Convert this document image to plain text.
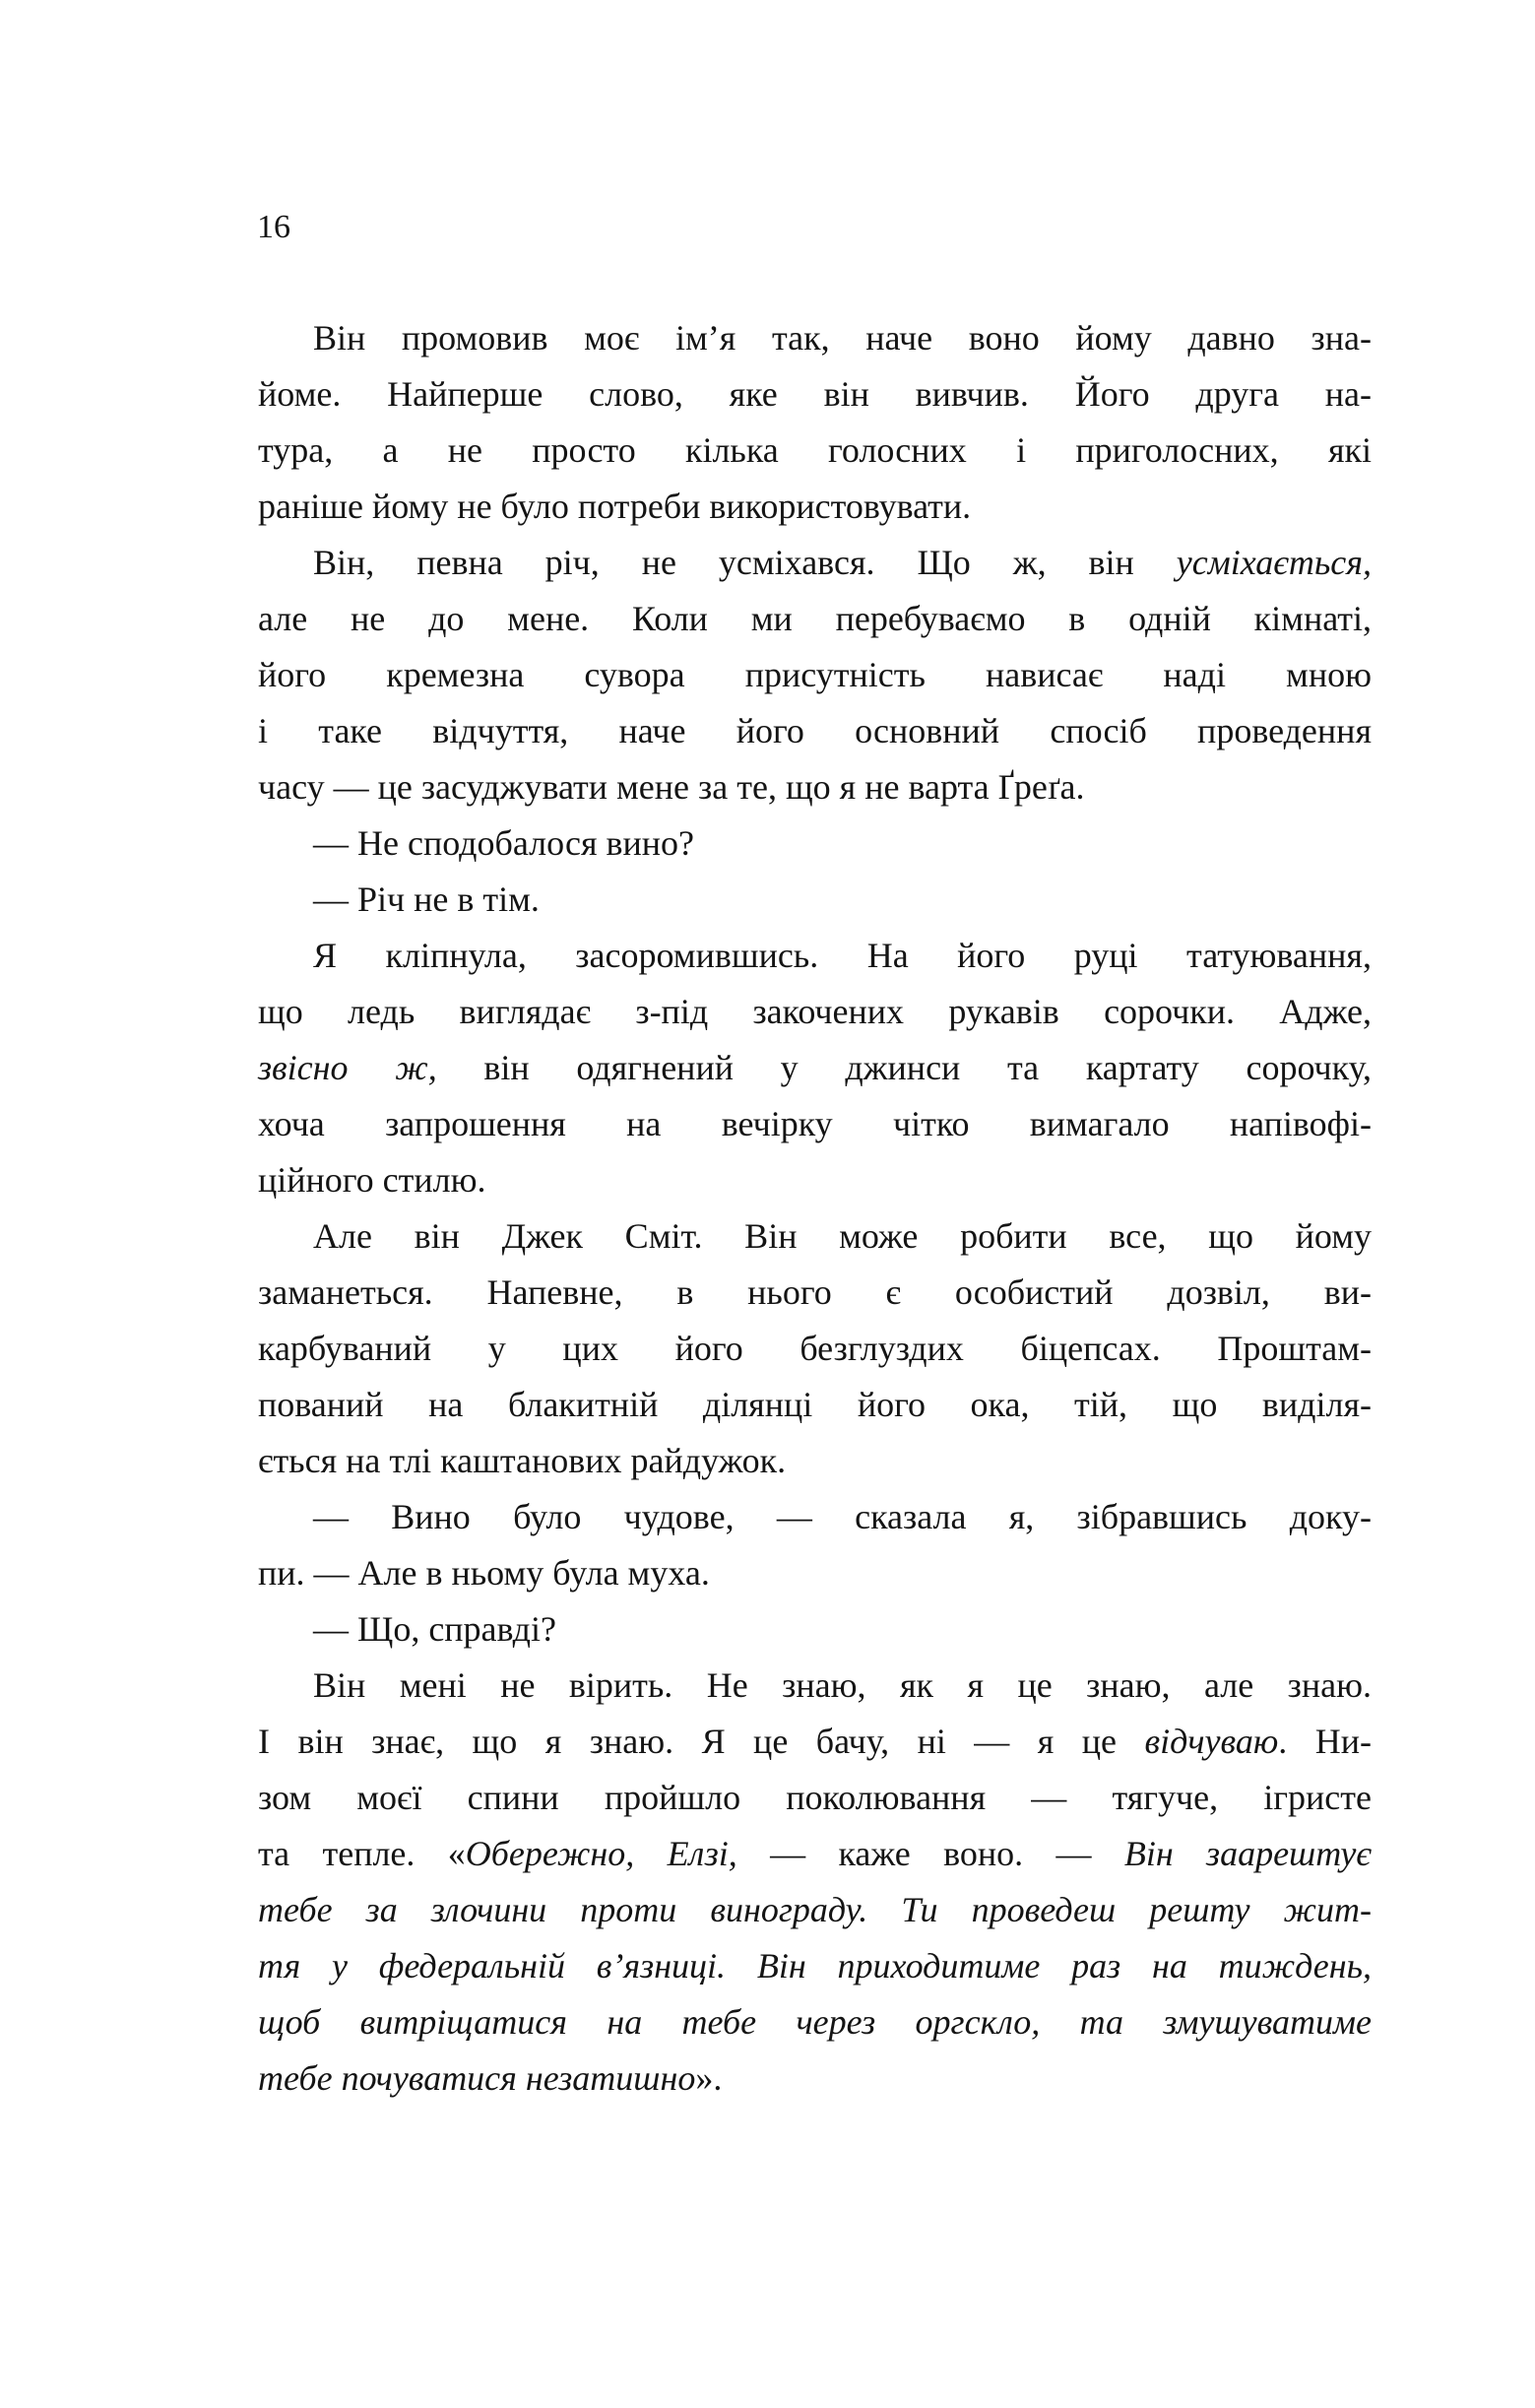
16
Він промовив моє ім’я так, наче воно йому давно зна-
йоме. Найперше слово, яке він вивчив. Його друга на-
тура, а не просто кілька голосних і приголосних, які
раніше йому не було потреби використовувати.
Він, певна річ, не усміхався. Що ж, він усміхається,
але не до мене. Коли ми перебуваємо в одній кімнаті,
його кремезна сувора присутність нависає наді мною
і таке відчуття, наче його основний спосіб проведення
часу — це засуджувати мене за те, що я не варта Ґреґа.
— Не сподобалося вино?
— Річ не в тім.
Я кліпнула, засоромившись. На його руці татуювання,
що ледь виглядає з-під закочених рукавів сорочки. Адже,
звісно ж, він одягнений у джинси та картату сорочку,
хоча запрошення на вечірку чітко вимагало напівофі-
ційного стилю.
Але він Джек Сміт. Він може робити все, що йому
заманеться. Напевне, в нього є особистий дозвіл, ви-
карбуваний у цих його безглуздих біцепсах. Проштам-
пований на блакитній ділянці його ока, тій, що виділя-
ється на тлі каштанових райдужок.
— Вино було чудове, — сказала я, зібравшись доку-
пи. — Але в ньому була муха.
— Що, справді?
Він мені не вірить. Не знаю, як я це знаю, але знаю.
І він знає, що я знаю. Я це бачу, ні — я це відчуваю. Ни-
зом моєї спини пройшло поколювання — тягуче, ігристе
та тепле. «Обережно, Елзі, — каже воно. — Він заарештує
тебе за злочини проти винограду. Ти проведеш решту жит-
тя у федеральній в’язниці. Він приходитиме раз на тиждень,
щоб витріщатися на тебе через оргскло, та змушуватиме
тебе почуватися незатишно».
